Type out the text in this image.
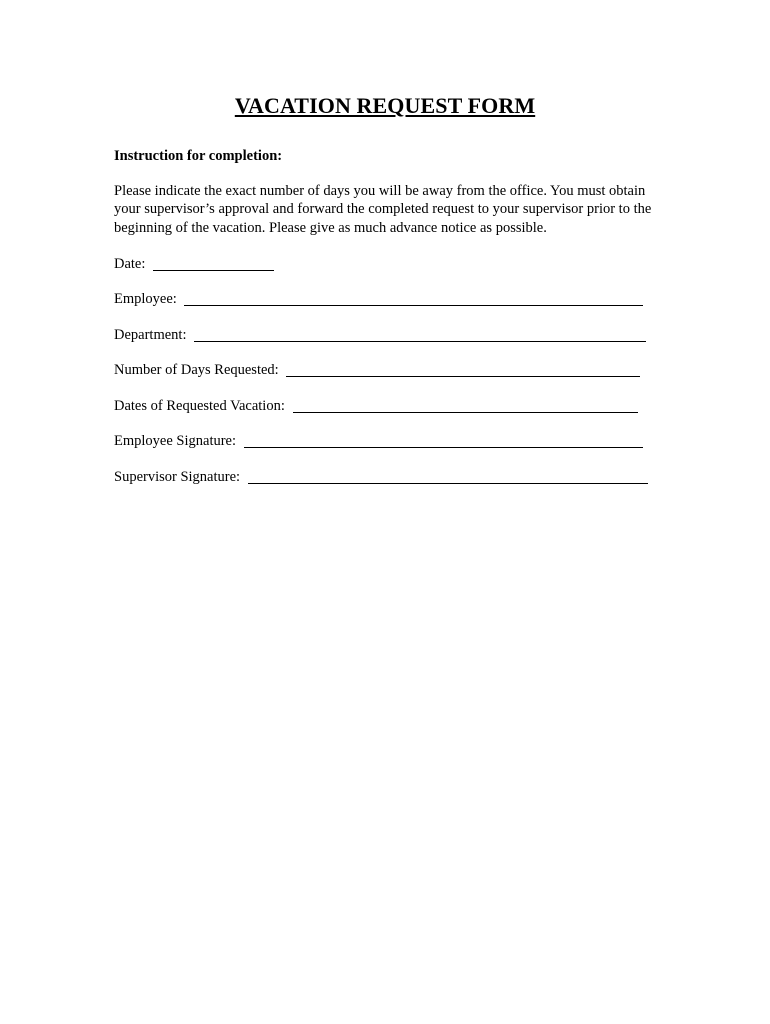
VACATION REQUEST FORM

Instruction for completion:

Please indicate the exact number of days you will be away from the office. You must obtain your supervisor’s approval and forward the completed request to your supervisor prior to the beginning of the vacation. Please give as much advance notice as possible.

Date:
Employee:
Department:
Number of Days Requested:
Dates of Requested Vacation:
Employee Signature:
Supervisor Signature:
